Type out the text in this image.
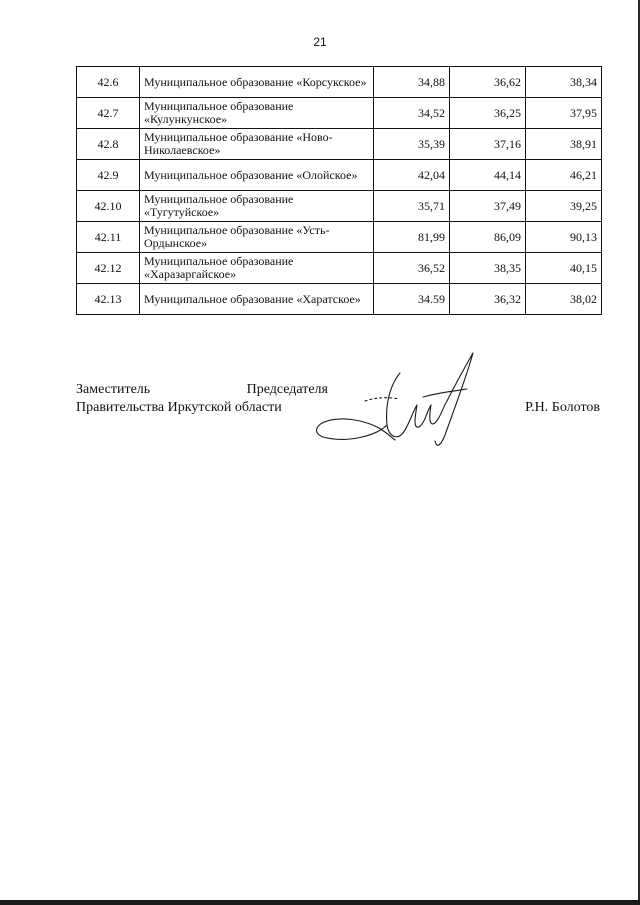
21
42.6	Муниципальное образование «Корсукское»	34,88	36,62	38,34
42.7	Муниципальное образование «Кулункунское»	34,52	36,25	37,95
42.8	Муниципальное образование «Ново-Николаевское»	35,39	37,16	38,91
42.9	Муниципальное образование «Олойское»	42,04	44,14	46,21
42.10	Муниципальное образование «Тугутуйское»	35,71	37,49	39,25
42.11	Муниципальное образование «Усть-Ордынское»	81,99	86,09	90,13
42.12	Муниципальное образование «Харазаргайское»	36,52	38,35	40,15
42.13	Муниципальное образование «Харатское»	34.59	36,32	38,02
Заместитель	Председателя
Правительства Иркутской области	Р.Н. Болотов
